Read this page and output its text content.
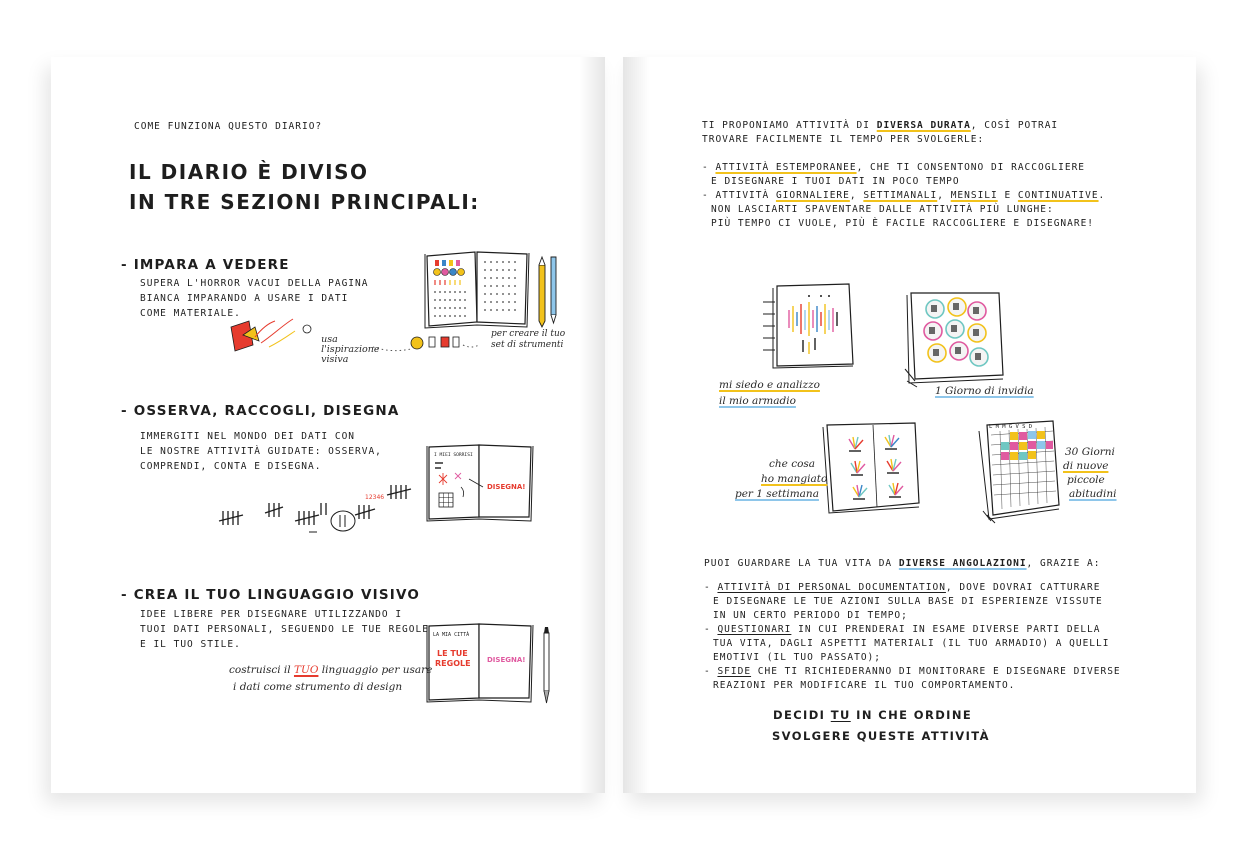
COME FUNZIONA QUESTO DIARIO?
IL DIARIO È DIVISO
IN TRE SEZIONI PRINCIPALI:
- IMPARA A VEDERE
SUPERA L'HORROR VACUI DELLA PAGINA
BIANCA IMPARANDO A USARE I DATI
COME MATERIALE.

usa l'ispirazione visiva

per creare il tuo set di strumenti
- OSSERVA, RACCOGLI, DISEGNA
IMMERGITI NEL MONDO DEI DATI CON
LE NOSTRE ATTIVITÀ GUIDATE: OSSERVA,
COMPRENDI, CONTA E DISEGNA.
DISEGNA!
I MIEI SORRISI
12346
- CREA IL TUO LINGUAGGIO VISIVO
IDEE LIBERE PER DISEGNARE UTILIZZANDO I
TUOI DATI PERSONALI, SEGUENDO LE TUE REGOLE
E IL TUO STILE.
LA MIA CITTÀ
LE TUE
REGOLE DISEGNA!
costruisci il TUO linguaggio per usare
i dati come strumento di design
TI PROPONIAMO ATTIVITÀ DI DIVERSA DURATA, COSÌ POTRAI
TROVARE FACILMENTE IL TEMPO PER SVOLGERLE:
- ATTIVITÀ ESTEMPORANEE, CHE TI CONSENTONO DI RACCOGLIERE
E DISEGNARE I TUOI DATI IN POCO TEMPO
- ATTIVITÀ GIORNALIERE, SETTIMANALI, MENSILI E CONTINUATIVE.
NON LASCIARTI SPAVENTARE DALLE ATTIVITÀ PIÙ LUNGHE:
PIÙ TEMPO CI VUOLE, PIÙ È FACILE RACCOGLIERE E DISEGNARE!
mi siedo e analizzo
il mio armadio
1 Giorno di invidia
che cosa
ho mangiato
per 1 settimana
L M M G V S D
30 Giorni
di nuove
piccole
abitudini
PUOI GUARDARE LA TUA VITA DA DIVERSE ANGOLAZIONI, GRAZIE A:
- ATTIVITÀ DI PERSONAL DOCUMENTATION, DOVE DOVRAI CATTURARE
E DISEGNARE LE TUE AZIONI SULLA BASE DI ESPERIENZE VISSUTE
IN UN CERTO PERIODO DI TEMPO;
- QUESTIONARI IN CUI PRENDERAI IN ESAME DIVERSE PARTI DELLA
TUA VITA, DAGLI ASPETTI MATERIALI (IL TUO ARMADIO) A QUELLI
EMOTIVI (IL TUO PASSATO);
- SFIDE CHE TI RICHIEDERANNO DI MONITORARE E DISEGNARE DIVERSE
REAZIONI PER MODIFICARE IL TUO COMPORTAMENTO.
DECIDI TU IN CHE ORDINE
SVOLGERE QUESTE ATTIVITÀ
